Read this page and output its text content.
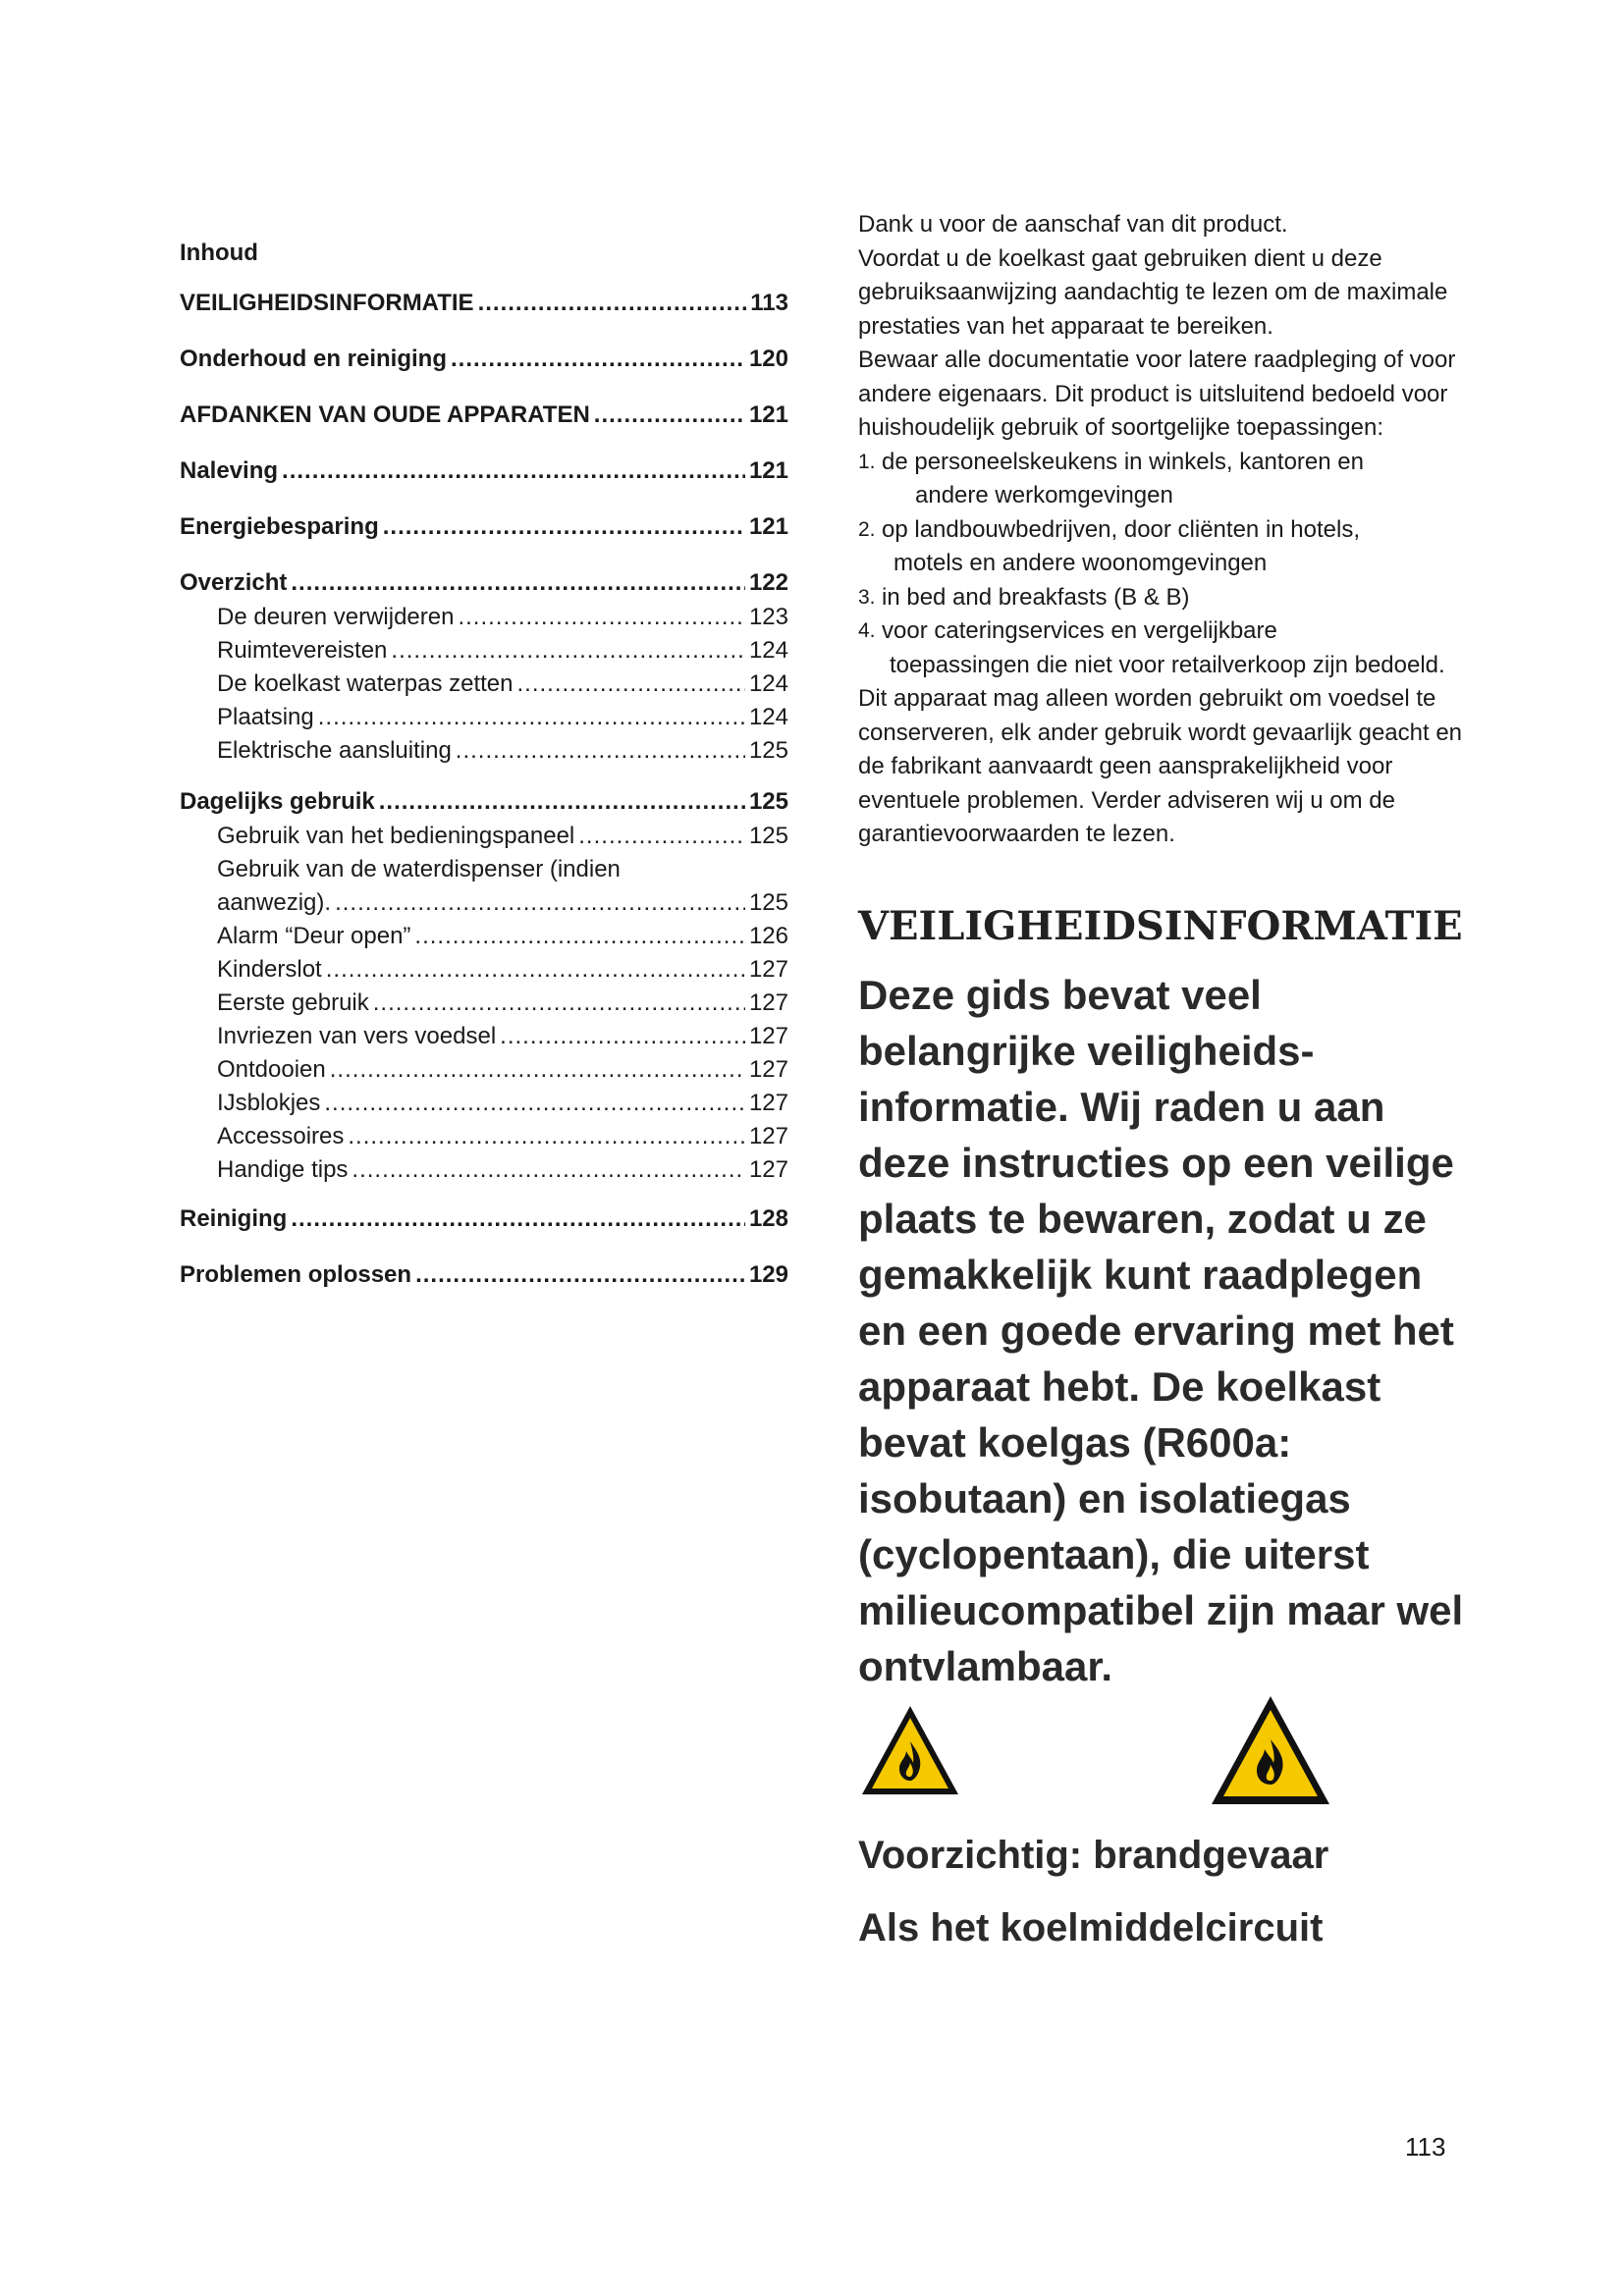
Inhoud
VEILIGHEIDSINFORMATIE .....	113
Onderhoud en reiniging .....	120
AFDANKEN VAN OUDE APPARATEN .....	121
Naleving .....	121
Energiebesparing .....	121
Overzicht .....	122
De deuren verwijderen .....	123
Ruimtevereisten .....	124
De koelkast waterpas zetten .....	124
Plaatsing .....	124
Elektrische aansluiting .....	125
Dagelijks gebruik .....	125
Gebruik van het bedieningspaneel .....	125
Gebruik van de waterdispenser (indien
aanwezig). .....	125
Alarm “Deur open” .....	126
Kinderslot .....	127
Eerste gebruik .....	127
Invriezen van vers voedsel .....	127
Ontdooien .....	127
IJsblokjes .....	127
Accessoires .....	127
Handige tips .....	127
Reiniging .....	128
Problemen oplossen .....	129

Dank u voor de aanschaf van dit product.

Voordat u de koelkast gaat gebruiken dient u deze gebruiksaanwijzing aandachtig te lezen om de maximale prestaties van het apparaat te bereiken.

Bewaar alle documentatie voor latere raadpleging of voor andere eigenaars. Dit product is uitsluitend bedoeld voor huishoudelijk gebruik of soortgelijke toepassingen:

1. de personeelskeukens in winkels, kantoren en
andere werkomgevingen
2. op landbouwbedrijven, door cliënten in hotels,
motels en andere woonomgevingen
3. in bed and breakfasts (B & B)
4. voor cateringservices en vergelijkbare
toepassingen die niet voor retailverkoop zijn bedoeld.

Dit apparaat mag alleen worden gebruikt om voedsel te conserveren, elk ander gebruik wordt gevaarlijk geacht en de fabrikant aanvaardt geen aansprakelijkheid voor eventuele problemen. Verder adviseren wij u om de garantievoorwaarden te lezen.

VEILIGHEIDSINFORMATIE

Deze gids bevat veel belangrijke veiligheids-informatie. Wij raden u aan deze instructies op een veilige plaats te bewaren, zodat u ze gemakkelijk kunt raadplegen en een goede ervaring met het apparaat hebt. De koelkast bevat koelgas (R600a: isobutaan) en isolatiegas (cyclopentaan), die uiterst milieucompatibel zijn maar wel ontvlambaar.

Voorzichtig: brandgevaar

Als het koelmiddelcircuit

113
